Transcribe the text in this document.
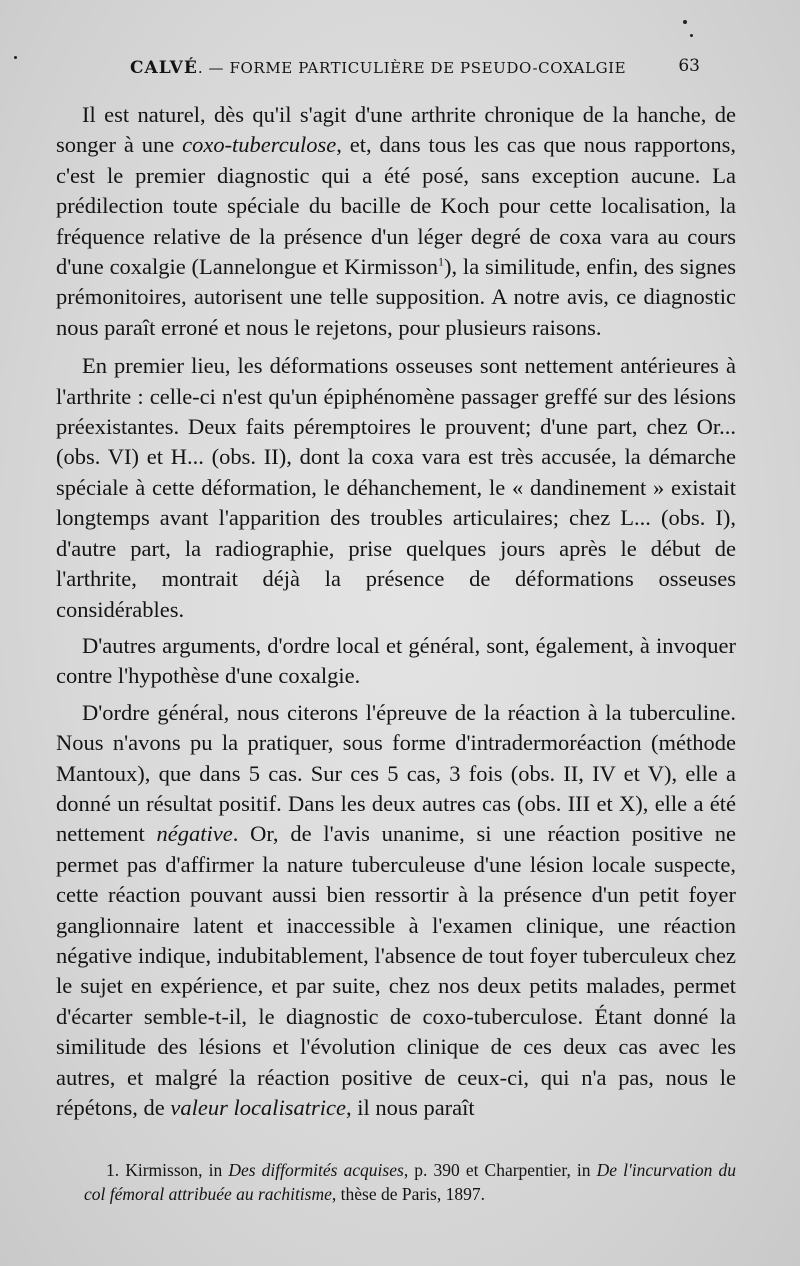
CALVÉ. — FORME PARTICULIÈRE DE PSEUDO-COXALGIE	63

Il est naturel, dès qu'il s'agit d'une arthrite chronique de la hanche, de songer à une coxo-tuberculose, et, dans tous les cas que nous rapportons, c'est le premier diagnostic qui a été posé, sans exception aucune. La prédilection toute spéciale du bacille de Koch pour cette localisation, la fréquence relative de la présence d'un léger degré de coxa vara au cours d'une coxalgie (Lannelongue et Kirmisson$^1$), la similitude, enfin, des signes prémonitoires, autorisent une telle supposition. A notre avis, ce diagnostic nous paraît erroné et nous le rejetons, pour plusieurs raisons.

En premier lieu, les déformations osseuses sont nettement antérieures à l'arthrite : celle-ci n'est qu'un épiphénomène passager greffé sur des lésions préexistantes. Deux faits péremptoires le prouvent; d'une part, chez Or... (obs. VI) et H... (obs. II), dont la coxa vara est très accusée, la démarche spéciale à cette déformation, le déhanchement, le « dandinement » existait longtemps avant l'apparition des troubles articulaires; chez L... (obs. I), d'autre part, la radiographie, prise quelques jours après le début de l'arthrite, montrait déjà la présence de déformations osseuses considérables.

D'autres arguments, d'ordre local et général, sont, également, à invoquer contre l'hypothèse d'une coxalgie.

D'ordre général, nous citerons l'épreuve de la réaction à la tuberculine. Nous n'avons pu la pratiquer, sous forme d'intradermoréaction (méthode Mantoux), que dans 5 cas. Sur ces 5 cas, 3 fois (obs. II, IV et V), elle a donné un résultat positif. Dans les deux autres cas (obs. III et X), elle a été nettement négative. Or, de l'avis unanime, si une réaction positive ne permet pas d'affirmer la nature tuberculeuse d'une lésion locale suspecte, cette réaction pouvant aussi bien ressortir à la présence d'un petit foyer ganglionnaire latent et inaccessible à l'examen clinique, une réaction négative indique, indubitablement, l'absence de tout foyer tuberculeux chez le sujet en expérience, et par suite, chez nos deux petits malades, permet d'écarter semble-t-il, le diagnostic de coxo-tuberculose. Étant donné la similitude des lésions et l'évolution clinique de ces deux cas avec les autres, et malgré la réaction positive de ceux-ci, qui n'a pas, nous le répétons, de valeur localisatrice, il nous paraît

1. Kirmisson, in Des difformités acquises, p. 390 et Charpentier, in De l'incurvation du col fémoral attribuée au rachitisme, thèse de Paris, 1897.
